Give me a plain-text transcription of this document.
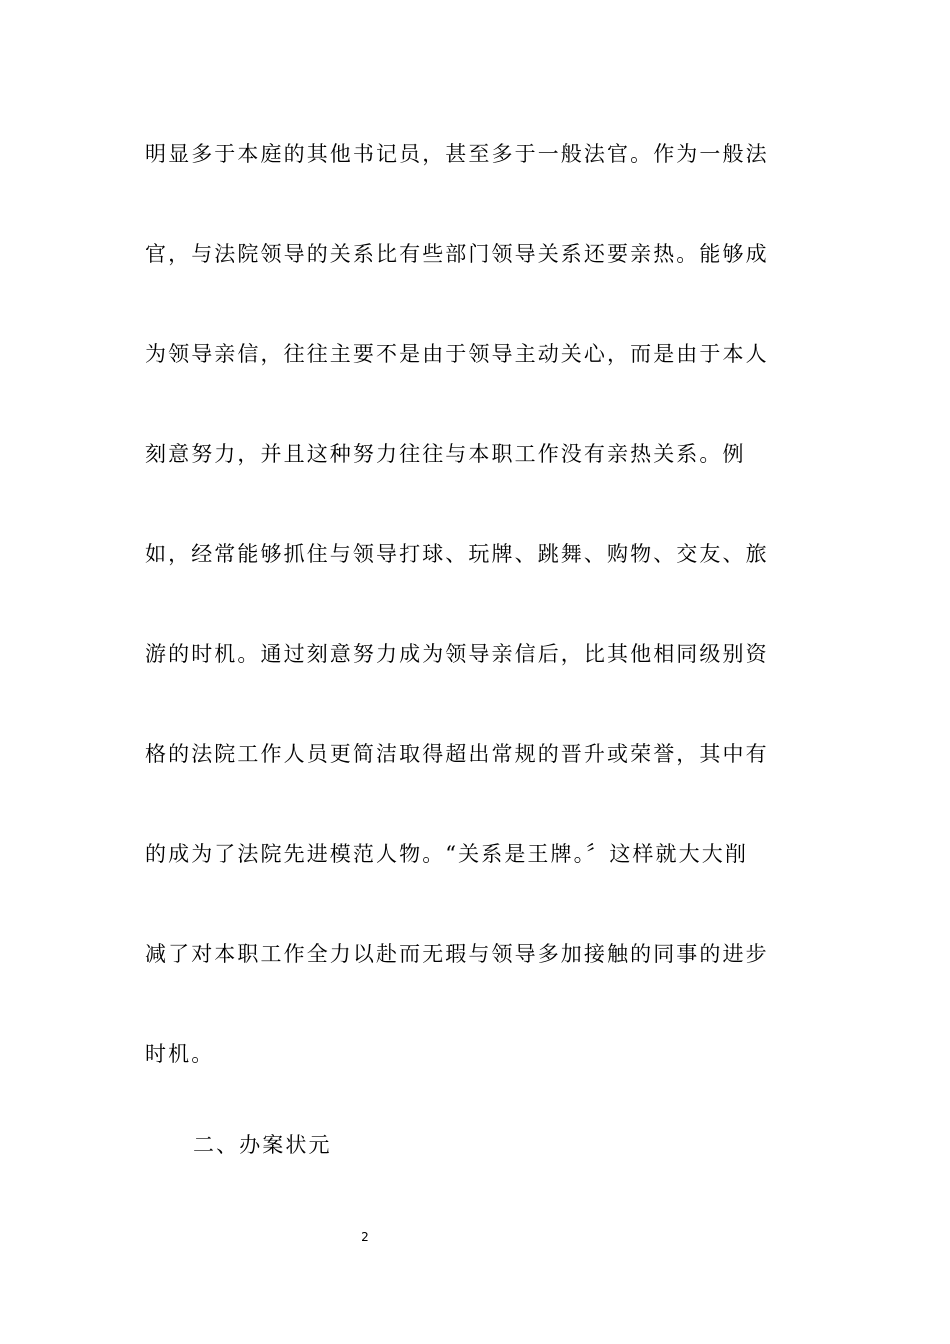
明显多于本庭的其他书记员，甚至多于一般法官。作为一般法
官，与法院领导的关系比有些部门领导关系还要亲热。能够成
为领导亲信，往往主要不是由于领导主动关心，而是由于本人
刻意努力，并且这种努力往往与本职工作没有亲热关系。例
如，经常能够抓住与领导打球、玩牌、跳舞、购物、交友、旅
游的时机。通过刻意努力成为领导亲信后，比其他相同级别资
格的法院工作人员更简洁取得超出常规的晋升或荣誉，其中有
的成为了法院先进模范人物。“关系是王牌。〞这样就大大削
减了对本职工作全力以赴而无瑕与领导多加接触的同事的进步
时机。
二、办案状元
2
